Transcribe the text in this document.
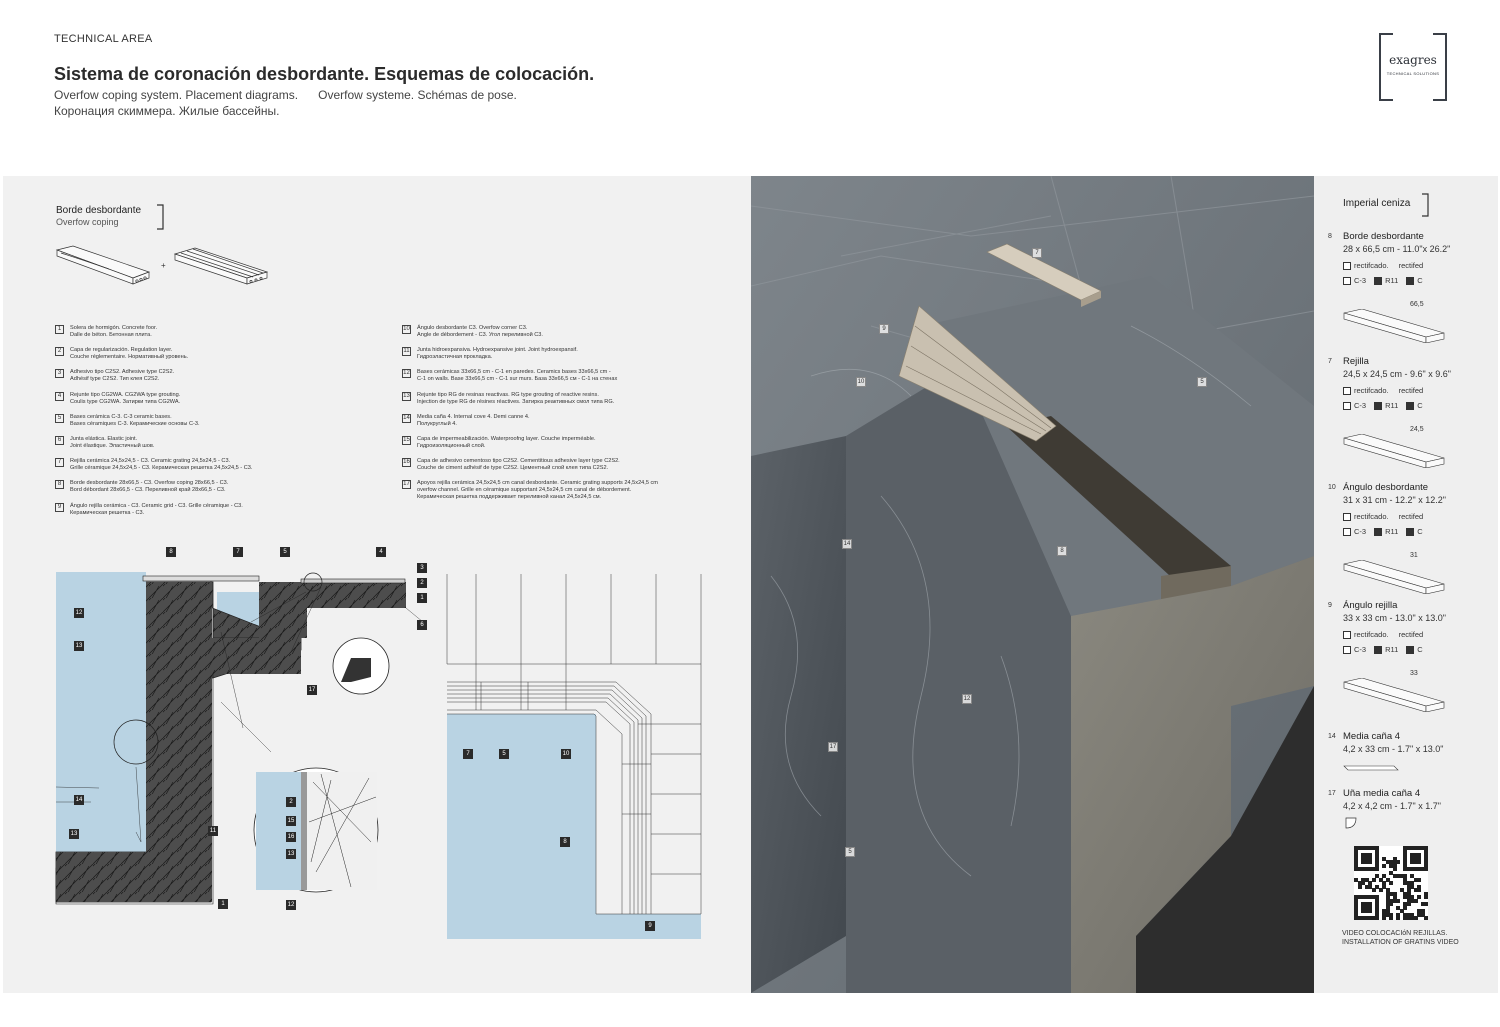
TECHNICAL AREA
Sistema de coronación desbordante. Esquemas de colocación.
Overfow coping system. Placement diagrams. Overfow systeme. Schémas de pose.
Коронация скиммера. Жилые бассейны.
exagres
TECHNICAL SOLUTIONS
Borde desbordante
Overfow coping
+
1	Solera de hormigón. Concrete foor.
Dalle de béton. Бетонная плита.
2	Capa de regularización. Regulation layer.
Couche réglementaire. Нормативный уровень.
3	Adhesivo tipo C2S2. Adhesive type C2S2.
Adhésif type C2S2. Тип клея C2S2.
4	Rejunte tipo CG2WA. CG2WA type grouting.
Coulis type CG2WA. Затирки типа CG2WA.
5	Bases cerámica C-3. C-3 ceramic bases.
Bases céramiques C-3. Керамические основы C-3.
6	Junta elástica. Elastic joint.
Joint élastique. Эластичный шов.
7	Rejilla cerámica 24,5x24,5 - C3. Ceramic grating 24,5x24,5 - C3.
Grille céramique 24,5x24,5 - C3. Керамическая решетка 24,5x24,5 - C3.
8	Borde desbordante 28x66,5 - C3. Overfow coping 28x66,5 - C3.
Bord débordant 28x66,5 - C3. Переливной край 28x66,5 - C3.
9	Ángulo rejilla cerámica - C3. Ceramic grid - C3. Grille céramique - C3.
Керамическая решетка - C3.
10 Ángulo desbordante C3. Overfow corner C3.
Angle de débordement - C3. Угол переливной C3.
11 Junta hidroexpansiva. Hydroexpansive joint. Joint hydroexpansif.
Гидроэластичная прокладка.
12 Bases cerámicas 33x66,5 cm - C-1 en paredes. Ceramics bases 33x66,5 cm -
C-1 on walls. Base 33x66,5 cm - C-1 sur murs. База 33x66,5 см - C-1 на стенах
13 Rejunte tipo RG de resinas reactivas. RG type grouting of reactive resins.
Injection de type RG de résines réactives. Затирка реактивных смол типа RG.
14 Media caña 4. Internal cove 4. Demi canne 4.
Полукруглый 4.
15 Capa de impermeabilización. Waterproofng layer. Couche imperméable.
Гидроизоляционный слой.
16 Capa de adhesivo cementoso tipo C2S2. Cementitious adhesive layer type C2S2.
Couche de ciment adhésif de type C2S2. Цементный слой клея типа C2S2.
17 Apoyos rejilla cerámica 24,5x24,5 cm canal desbordante. Ceramic grating supports 24,5x24,5 cm
overfow channel. Grille en céramique supportant 24,5x24,5 cm canal de débordement.
Керамическая решетка поддерживает переливной канал 24,5x24,5 см.
8	7	5	4
3
2
1
6
12
13
17
14
13	11
1
2
15
16
13
12
7	5	10
8
9
7
9
10	5
14
8
12
17
5
Imperial ceniza
8 Borde desbordante
28 x 66,5 cm - 11.0"x 26.2"
rectifcado. rectifed
C-3	R11	C
66,5
7 Rejilla
24,5 x 24,5 cm - 9.6" x 9.6"
rectifcado. rectifed
C-3	R11	C
24,5
10 Ángulo desbordante
31 x 31 cm - 12.2" x 12.2"
rectifcado. rectifed
C-3	R11	C
31
9 Ángulo rejilla
33 x 33 cm - 13.0" x 13.0"
rectifcado. rectifed
C-3	R11	C
33
14 Media caña 4
4,2 x 33 cm - 1.7" x 13.0"
17 Uña media caña 4
4,2 x 4,2 cm - 1.7" x 1.7"
VIDEO COLOCACIóN REJILLAS.
INSTALLATION OF GRATINS VIDEO
